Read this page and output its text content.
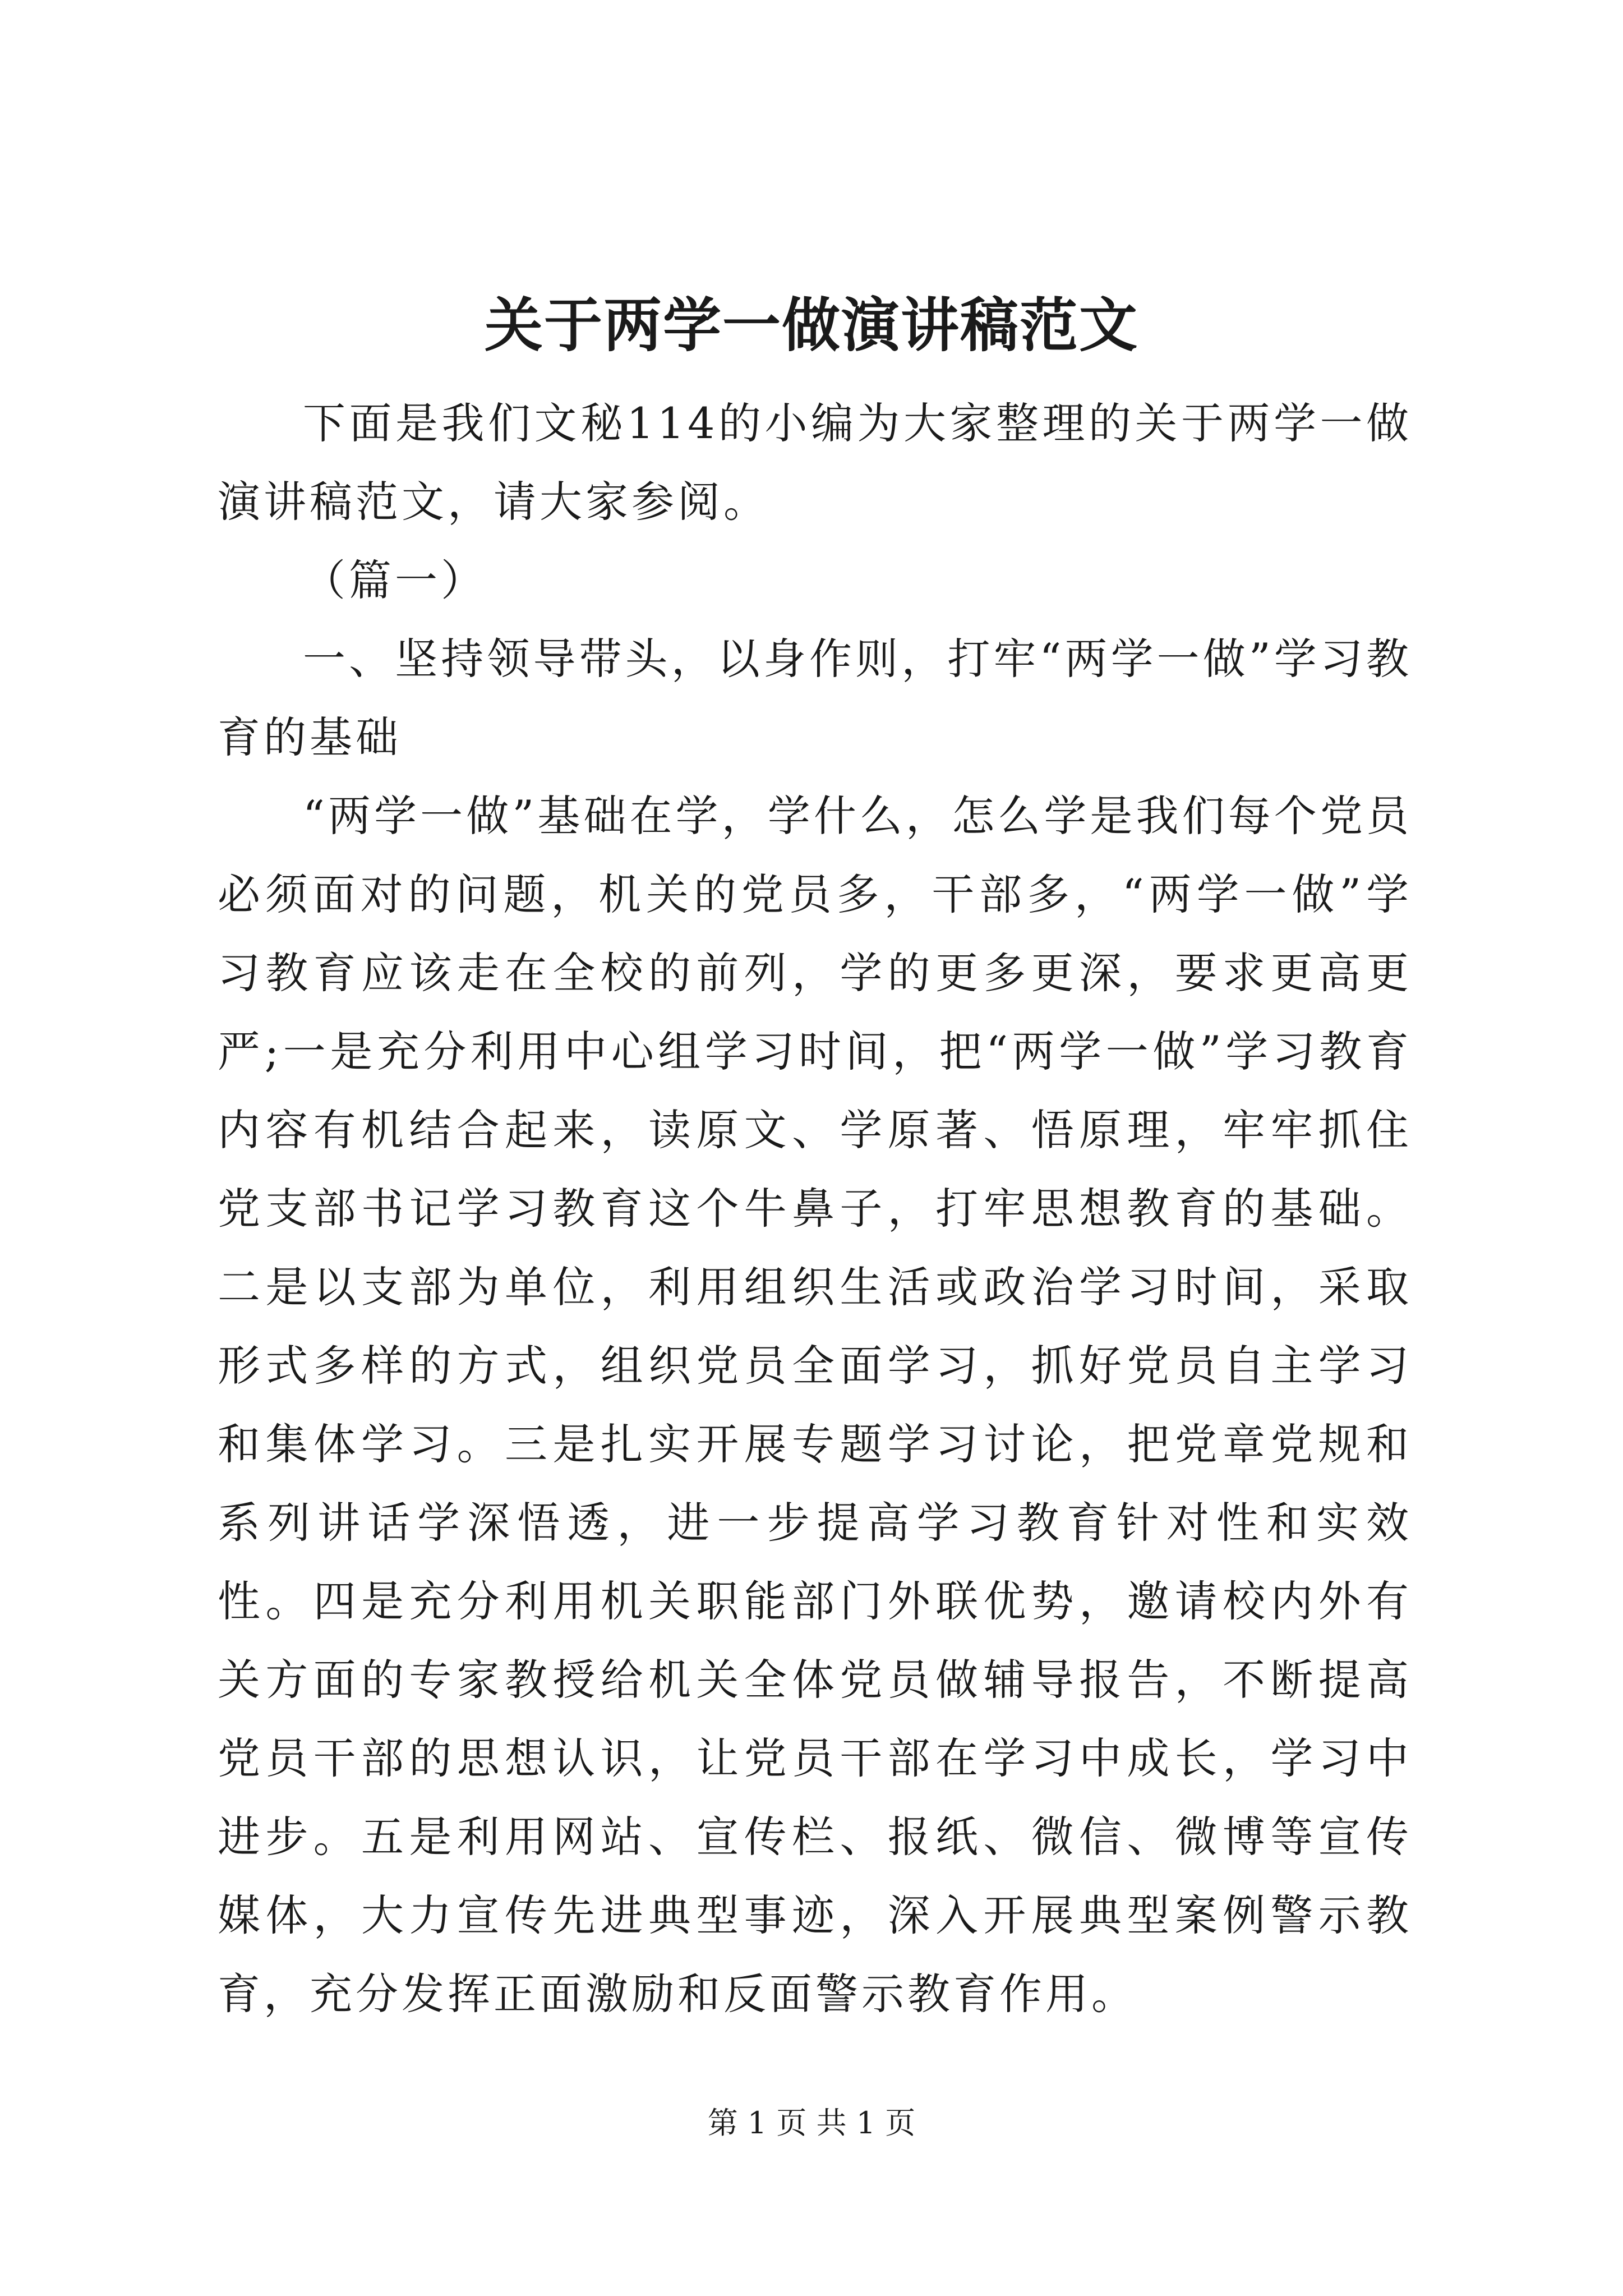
关于两学一做演讲稿范文

下面是我们文秘114的小编为大家整理的关于两学一做演讲稿范文，请大家参阅。

（篇一）

一、坚持领导带头，以身作则，打牢“两学一做”学习教育的基础

“两学一做”基础在学，学什么，怎么学是我们每个党员必须面对的问题，机关的党员多，干部多，“两学一做”学习教育应该走在全校的前列，学的更多更深，要求更高更严;一是充分利用中心组学习时间，把“两学一做”学习教育内容有机结合起来，读原文、学原著、悟原理，牢牢抓住党支部书记学习教育这个牛鼻子，打牢思想教育的基础。二是以支部为单位，利用组织生活或政治学习时间，采取形式多样的方式，组织党员全面学习，抓好党员自主学习和集体学习。三是扎实开展专题学习讨论，把党章党规和系列讲话学深悟透，进一步提高学习教育针对性和实效性。四是充分利用机关职能部门外联优势，邀请校内外有关方面的专家教授给机关全体党员做辅导报告，不断提高党员干部的思想认识，让党员干部在学习中成长，学习中进步。五是利用网站、宣传栏、报纸、微信、微博等宣传媒体，大力宣传先进典型事迹，深入开展典型案例警示教育，充分发挥正面激励和反面警示教育作用。

第 1 页 共 1 页
